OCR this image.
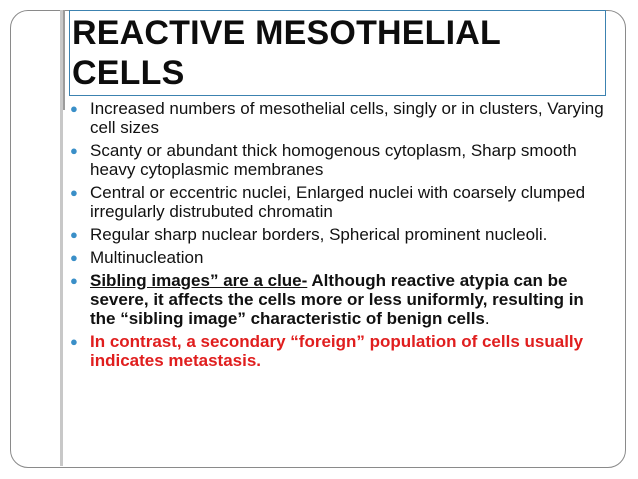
REACTIVE MESOTHELIAL
CELLS
● Increased numbers of mesothelial cells, singly or in clusters, Varying cell sizes
● Scanty or abundant thick homogenous cytoplasm, Sharp smooth heavy cytoplasmic membranes
● Central or eccentric nuclei, Enlarged nuclei with coarsely clumped irregularly distrubuted chromatin
● Regular sharp nuclear borders, Spherical prominent nucleoli.
● Multinucleation
● Sibling images” are a clue- Although reactive atypia can be severe, it affects the cells more or less uniformly, resulting in the “sibling image” characteristic of benign cells.
● In contrast, a secondary “foreign” population of cells usually indicates metastasis.
